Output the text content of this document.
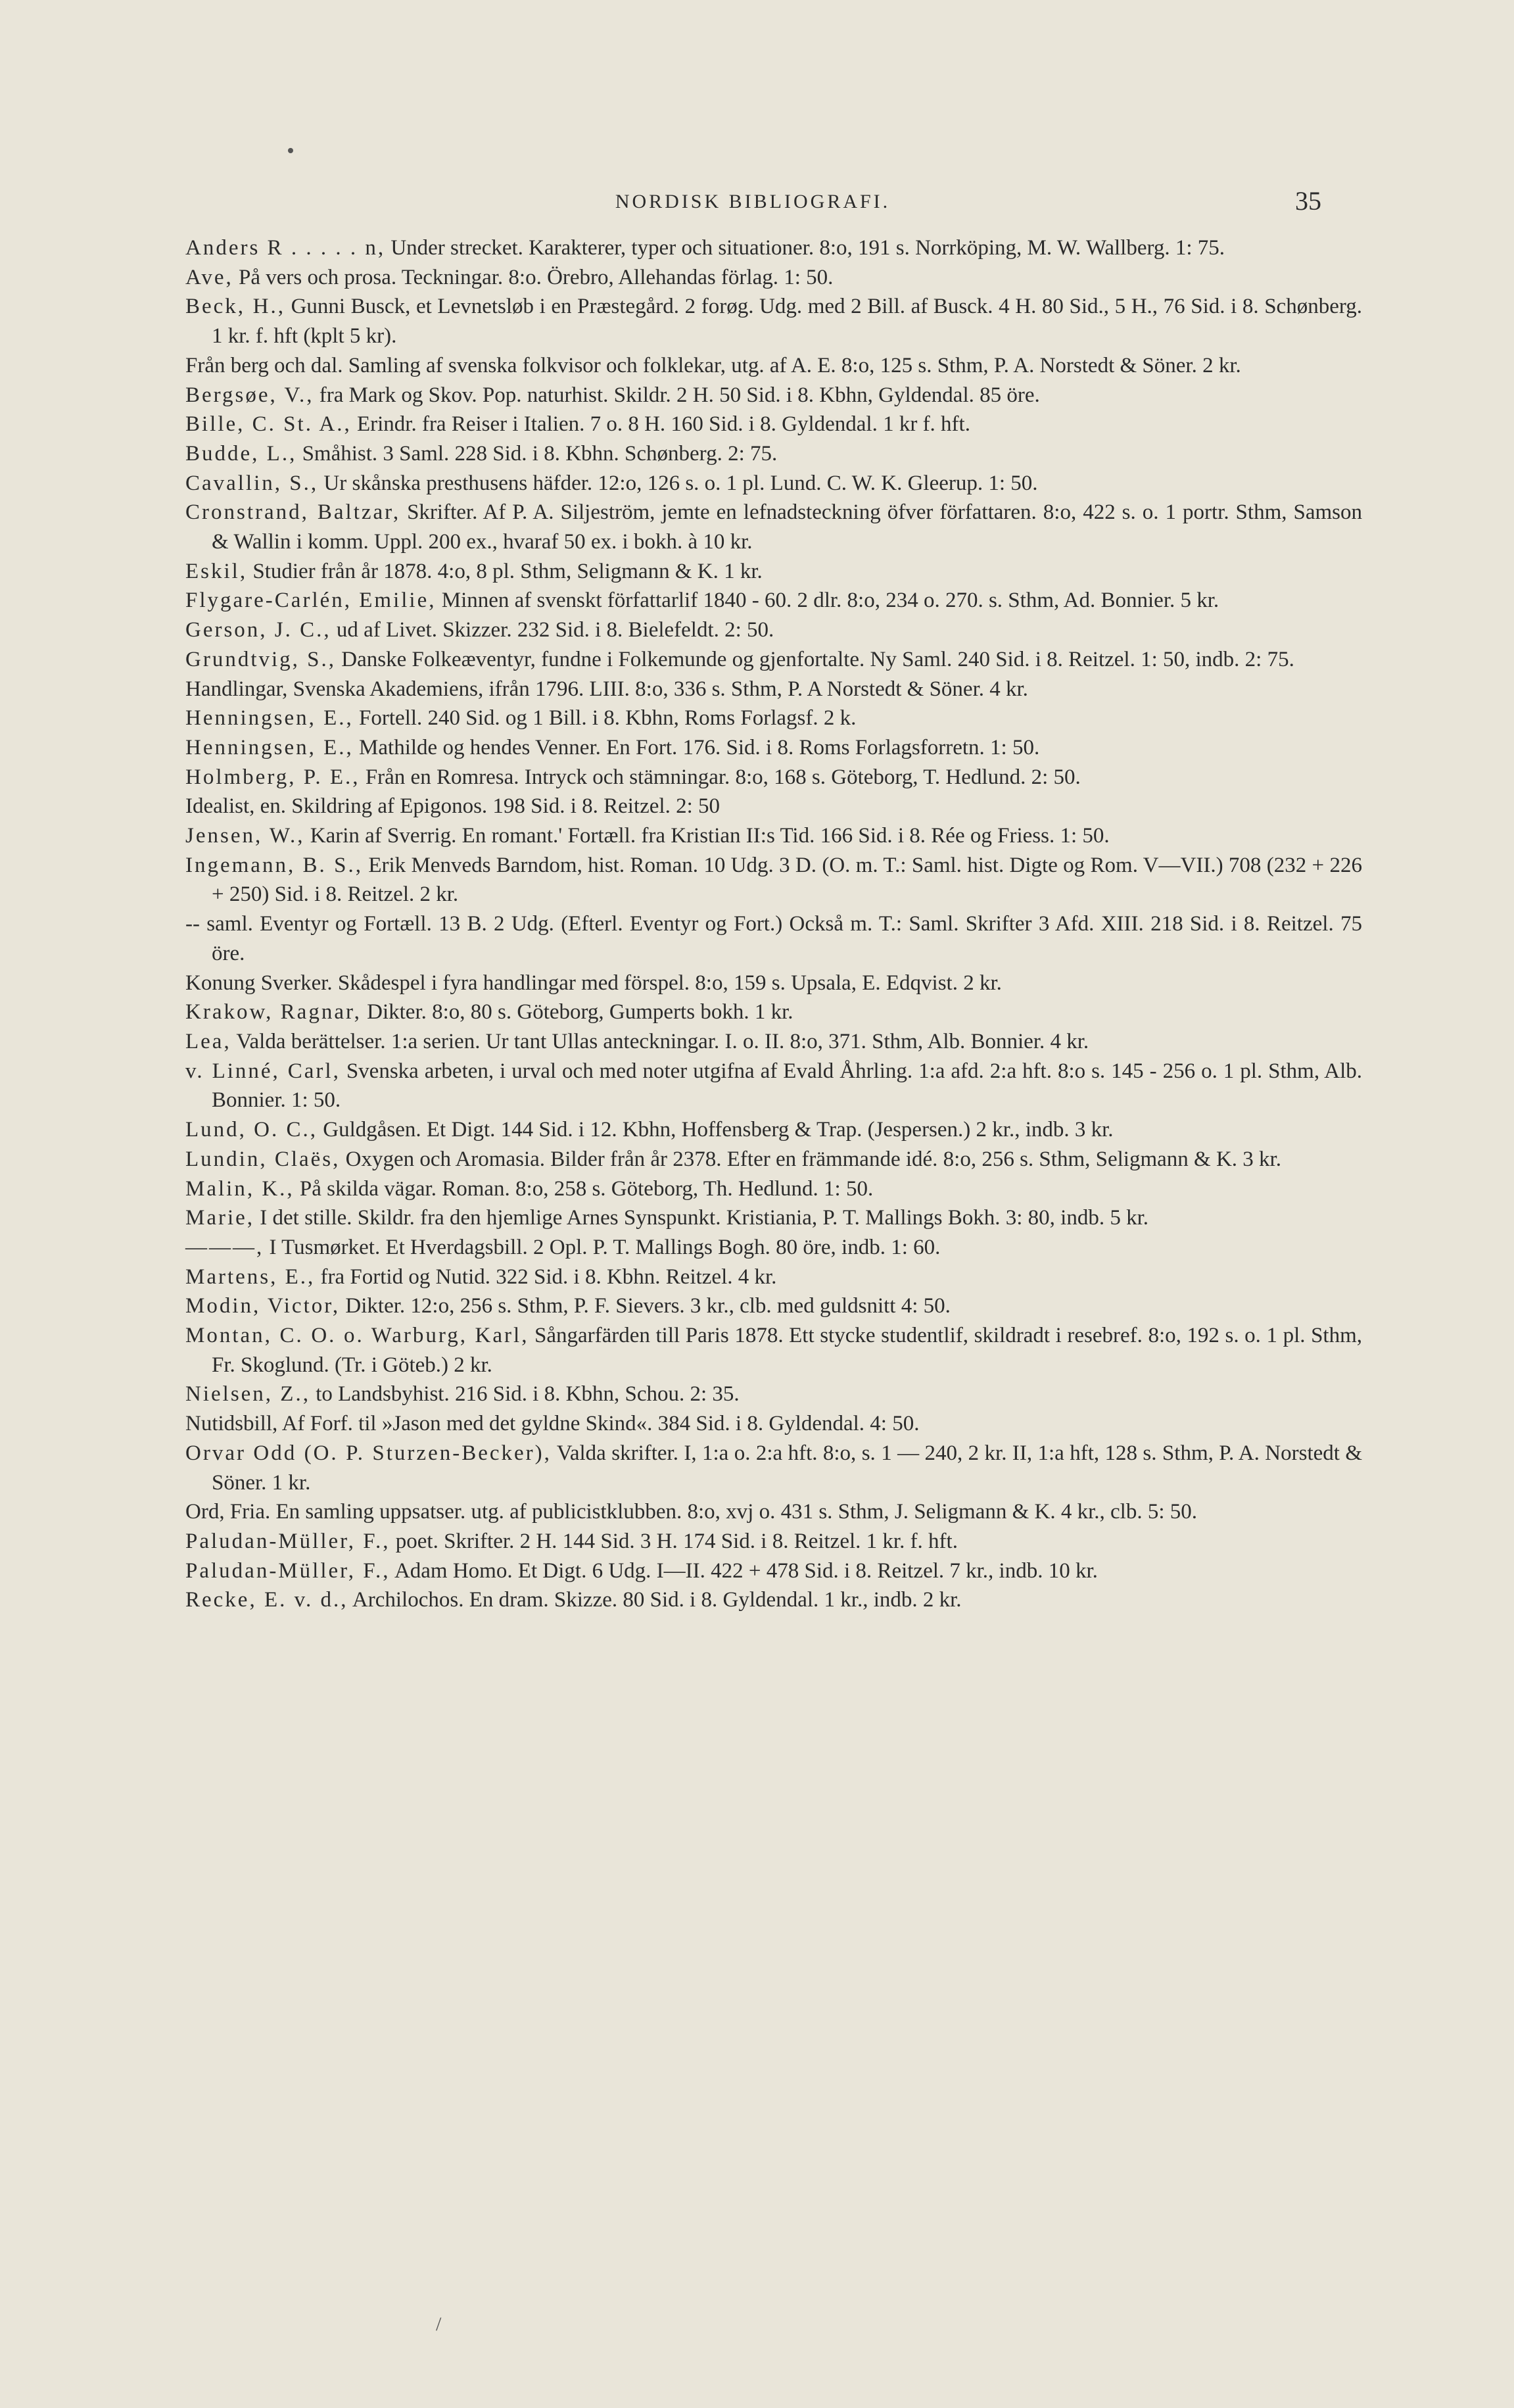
NORDISK BIBLIOGRAFI.	35
Anders R . . . . . n, Under strecket. Karakterer, typer och situationer. 8:o, 191 s. Norrköping, M. W. Wallberg. 1: 75.
Ave, På vers och prosa. Teckningar. 8:o. Örebro, Allehandas förlag. 1: 50.
Beck, H., Gunni Busck, et Levnetsløb i en Præstegård. 2 forøg. Udg. med 2 Bill. af Busck. 4 H. 80 Sid., 5 H., 76 Sid. i 8. Schønberg. 1 kr. f. hft (kplt 5 kr).
Från berg och dal. Samling af svenska folkvisor och folklekar, utg. af A. E. 8:o, 125 s. Sthm, P. A. Norstedt & Söner. 2 kr.
Bergsøe, V., fra Mark og Skov. Pop. naturhist. Skildr. 2 H. 50 Sid. i 8. Kbhn, Gyldendal. 85 öre.
Bille, C. St. A., Erindr. fra Reiser i Italien. 7 o. 8 H. 160 Sid. i 8. Gyldendal. 1 kr f. hft.
Budde, L., Småhist. 3 Saml. 228 Sid. i 8. Kbhn. Schønberg. 2: 75.
Cavallin, S., Ur skånska presthusens häfder. 12:o, 126 s. o. 1 pl. Lund. C. W. K. Gleerup. 1: 50.
Cronstrand, Baltzar, Skrifter. Af P. A. Siljeström, jemte en lefnadsteckning öfver författaren. 8:o, 422 s. o. 1 portr. Sthm, Samson & Wallin i komm. Uppl. 200 ex., hvaraf 50 ex. i bokh. à 10 kr.
Eskil, Studier från år 1878. 4:o, 8 pl. Sthm, Seligmann & K. 1 kr.
Flygare-Carlén, Emilie, Minnen af svenskt författarlif 1840 - 60. 2 dlr. 8:o, 234 o. 270. s. Sthm, Ad. Bonnier. 5 kr.
Gerson, J. C., ud af Livet. Skizzer. 232 Sid. i 8. Bielefeldt. 2: 50.
Grundtvig, S., Danske Folkeæventyr, fundne i Folkemunde og gjenfortalte. Ny Saml. 240 Sid. i 8. Reitzel. 1: 50, indb. 2: 75.
Handlingar, Svenska Akademiens, ifrån 1796. LIII. 8:o, 336 s. Sthm, P. A Norstedt & Söner. 4 kr.
Henningsen, E., Fortell. 240 Sid. og 1 Bill. i 8. Kbhn, Roms Forlagsf. 2 k.
Henningsen, E., Mathilde og hendes Venner. En Fort. 176. Sid. i 8. Roms Forlagsforretn. 1: 50.
Holmberg, P. E., Från en Romresa. Intryck och stämningar. 8:o, 168 s. Göteborg, T. Hedlund. 2: 50.
Idealist, en. Skildring af Epigonos. 198 Sid. i 8. Reitzel. 2: 50
Jensen, W., Karin af Sverrig. En romant.' Fortæll. fra Kristian II:s Tid. 166 Sid. i 8. Rée og Friess. 1: 50.
Ingemann, B. S., Erik Menveds Barndom, hist. Roman. 10 Udg. 3 D. (O. m. T.: Saml. hist. Digte og Rom. V—VII.) 708 (232 + 226 + 250) Sid. i 8. Reitzel. 2 kr.
-- saml. Eventyr og Fortæll. 13 B. 2 Udg. (Efterl. Eventyr og Fort.) Också m. T.: Saml. Skrifter 3 Afd. XIII. 218 Sid. i 8. Reitzel. 75 öre.
Konung Sverker. Skådespel i fyra handlingar med förspel. 8:o, 159 s. Upsala, E. Edqvist. 2 kr.
Krakow, Ragnar, Dikter. 8:o, 80 s. Göteborg, Gumperts bokh. 1 kr.
Lea, Valda berättelser. 1:a serien. Ur tant Ullas anteckningar. I. o. II. 8:o, 371. Sthm, Alb. Bonnier. 4 kr.
v. Linné, Carl, Svenska arbeten, i urval och med noter utgifna af Evald Åhrling. 1:a afd. 2:a hft. 8:o s. 145 - 256 o. 1 pl. Sthm, Alb. Bonnier. 1: 50.
Lund, O. C., Guldgåsen. Et Digt. 144 Sid. i 12. Kbhn, Hoffensberg & Trap. (Jespersen.) 2 kr., indb. 3 kr.
Lundin, Claës, Oxygen och Aromasia. Bilder från år 2378. Efter en främmande idé. 8:o, 256 s. Sthm, Seligmann & K. 3 kr.
Malin, K., På skilda vägar. Roman. 8:o, 258 s. Göteborg, Th. Hedlund. 1: 50.
Marie, I det stille. Skildr. fra den hjemlige Arnes Synspunkt. Kristiania, P. T. Mallings Bokh. 3: 80, indb. 5 kr.
———, I Tusmørket. Et Hverdagsbill. 2 Opl. P. T. Mallings Bogh. 80 öre, indb. 1: 60.
Martens, E., fra Fortid og Nutid. 322 Sid. i 8. Kbhn. Reitzel. 4 kr.
Modin, Victor, Dikter. 12:o, 256 s. Sthm, P. F. Sievers. 3 kr., clb. med guldsnitt 4: 50.
Montan, C. O. o. Warburg, Karl, Sångarfärden till Paris 1878. Ett stycke studentlif, skildradt i resebref. 8:o, 192 s. o. 1 pl. Sthm, Fr. Skoglund. (Tr. i Göteb.) 2 kr.
Nielsen, Z., to Landsbyhist. 216 Sid. i 8. Kbhn, Schou. 2: 35.
Nutidsbill, Af Forf. til »Jason med det gyldne Skind«. 384 Sid. i 8. Gyldendal. 4: 50.
Orvar Odd (O. P. Sturzen-Becker), Valda skrifter. I, 1:a o. 2:a hft. 8:o, s. 1 — 240, 2 kr. II, 1:a hft, 128 s. Sthm, P. A. Norstedt & Söner. 1 kr.
Ord, Fria. En samling uppsatser. utg. af publicistklubben. 8:o, xvj o. 431 s. Sthm, J. Seligmann & K. 4 kr., clb. 5: 50.
Paludan-Müller, F., poet. Skrifter. 2 H. 144 Sid. 3 H. 174 Sid. i 8. Reitzel. 1 kr. f. hft.
Paludan-Müller, F., Adam Homo. Et Digt. 6 Udg. I—II. 422 + 478 Sid. i 8. Reitzel. 7 kr., indb. 10 kr.
Recke, E. v. d., Archilochos. En dram. Skizze. 80 Sid. i 8. Gyldendal. 1 kr., indb. 2 kr.
/
